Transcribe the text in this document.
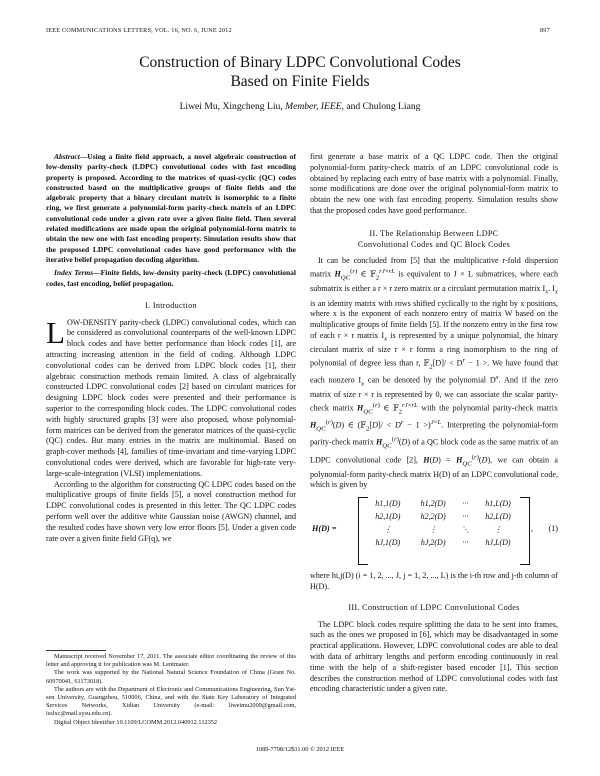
IEEE COMMUNICATIONS LETTERS, VOL. 16, NO. 6, JUNE 2012	897
Construction of Binary LDPC Convolutional Codes
Based on Finite Fields
Liwei Mu, Xingcheng Liu, Member, IEEE, and Chulong Liang

Abstract—Using a finite field approach, a novel algebraic construction of low-density parity-check (LDPC) convolutional codes with fast encoding property is proposed. According to the matrices of quasi-cyclic (QC) codes constructed based on the multiplicative groups of finite fields and the algebraic property that a binary circulant matrix is isomorphic to a finite ring, we first generate a polynomial-form parity-check matrix of an LDPC convolutional code under a given rate over a given finite field. Then several related modifications are made upon the original polynomial-form matrix to obtain the new one with fast encoding property. Simulation results show that the proposed LDPC convolutional codes have good performance with the iterative belief propagation decoding algorithm.

Index Terms—Finite fields, low-density parity-check (LDPC) convolutional codes, fast encoding, belief propagation.

I. Introduction

LOW-DENSITY parity-check (LDPC) convolutional codes, which can be considered as convolutional counterparts of the well-known LDPC block codes and have better performance than block codes [1], are attracting increasing attention in the field of coding. Although LDPC convolutional codes can be derived from LDPC block codes [1], their algebraic construction methods remain limited. A class of algebraically constructed LDPC convolutional codes [2] based on circulant matrices for designing LDPC block codes were presented and their performance is superior to the corresponding block codes. The LDPC convolutional codes with highly structured graphs [3] were also proposed, whose polynomial-form matrices can be derived from the generator matrices of the quasi-cyclic (QC) codes. But many entries in the matrix are multinomial. Based on graph-cover methods [4], families of time-invariant and time-varying LDPC convolutional codes were derived, which are favorable for high-rate very-large-scale-integration (VLSI) implementations.

According to the algorithm for constructing QC LDPC codes based on the multiplicative groups of finite fields [5], a novel construction method for LDPC convolutional codes is presented in this letter. The QC LDPC codes perform well over the additive white Gaussian noise (AWGN) channel, and the resulted codes have shown very low error floors [5]. Under a given code rate over a given finite field GF(q), we

Manuscript received November 17, 2011. The associate editor coordinating the review of this letter and approving it for publication was M. Lentmaier.

The work was supported by the National Natural Science Foundation of China (Grant No. 60970041, 61173018).

The authors are with the Department of Electronic and Communications Engineering, Sun Yat-sen University, Guangzhou, 510006, China, and with the State Key Laboratory of Integrated Services Networks, Xidian University (e-mail: liweimu2009@gmail.com, isslxc@mail.sysu.edu.cn).

Digital Object Identifier 10.1109/LCOMM.2012.040912.112352

first generate a base matrix of a QC LDPC code. Then the original polynomial-form parity-check matrix of an LDPC convolutional code is obtained by replacing each entry of base matrix with a polynomial. Finally, some modifications are done over the original polynomial-form matrix to obtain the new one with fast encoding property. Simulation results show that the proposed codes have good performance.

II. The Relationship Between LDPC
Convolutional Codes and QC Block Codes

It can be concluded from [5] that the multiplicative r-fold dispersion matrix $H_{QC}^{(r)}$ ∈ 𝔽$_2^{rJ\times rL}$ is equivalent to J × L submatrices, where each submatrix is either a r × r zero matrix or a circulant permutation matrix $I_x$. $I_x$ is an identity matrix with rows shifted cyclically to the right by x positions, where x is the exponent of each nonzero entry of matrix W based on the multiplicative groups of finite fields [5]. If the nonzero entry in the first row of each r × r matrix $I_x$ is represented by a unique polynomial, the binary circulant matrix of size r × r forms a ring isomorphism to the ring of polynomial of degree less than r, 𝔽$_2$[D]/ < $D^r - 1$ >. We have found that each nonzero $I_x$ can be denoted by the polynomial $D^x$. And if the zero matrix of size r × r is represented by 0, we can associate the scalar parity-check matrix $H_{QC}^{(r)}$ ∈ 𝔽$_2^{rJ\times rL}$ with the polynomial parity-check matrix $H_{QC}^{(r)}(D)$ ∈ (𝔽$_2$[D]/ < $D^r - 1 >)^{J\times L}$. Interpreting the polynomial-form parity-check matrix $H_{QC}^{(r)}(D)$ of a QC block code as the same matrix of an LDPC convolutional code [2], $H(D) = H_{QC}^{(r)}(D)$, we can obtain a polynomial-form parity-check matrix H(D) of an LDPC convolutional code, which is given by

H(D) =
h1,1(D)	h1,2(D)	···	h1,L(D)
h2,1(D)	h2,2(D)	···	h2,L(D)
⋮	⋮	⋱	⋮
hJ,1(D)	hJ,2(D)	···	hJ,L(D)
, (1)

where hi,j(D) (i = 1, 2, ..., J, j = 1, 2, ..., L) is the i-th row and j-th column of H(D).

III. Construction of LDPC Convolutional Codes

The LDPC block codes require splitting the data to be sent into frames, such as the ones we proposed in [6], which may be disadvantaged in some practical applications. However, LDPC convolutional codes are able to deal with data of arbitrary lengths and perform encoding continuously in real time with the help of a shift-register based encoder [1]. This section describes the construction method of LDPC convolutional codes with fast encoding characteristic under a given rate.

1089-7798/12$31.00 © 2012 IEEE
